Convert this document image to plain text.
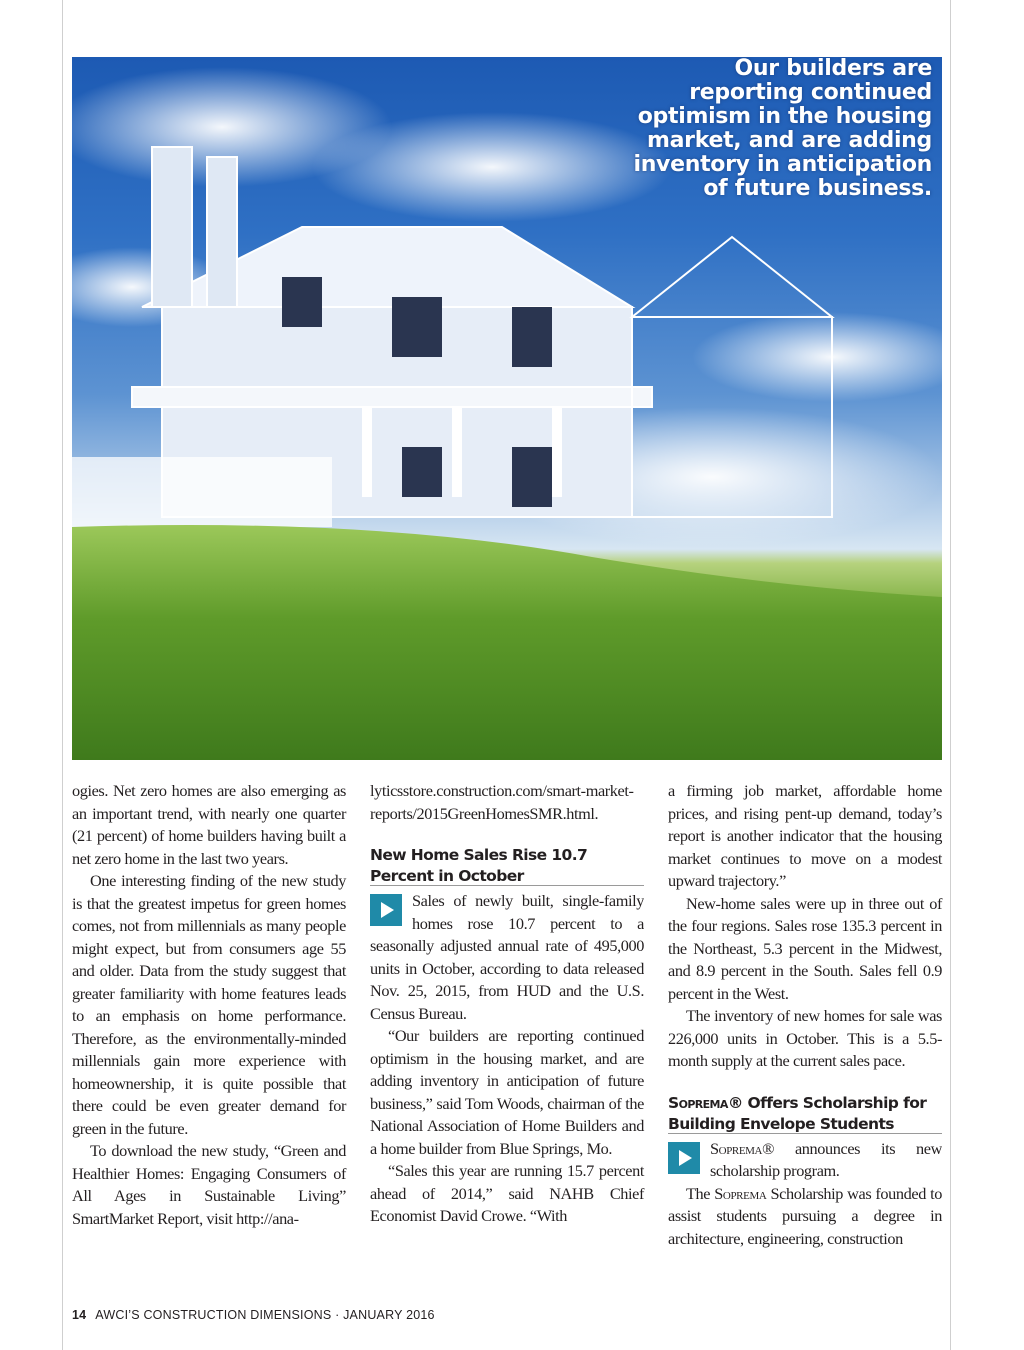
Our builders are reporting continued optimism in the housing market, and are adding inventory in anticipation of future business.

ogies. Net zero homes are also emerging as an important trend, with nearly one quarter (21 percent) of home builders having built a net zero home in the last two years.

One interesting finding of the new study is that the greatest impetus for green homes comes, not from millennials as many people might expect, but from consumers age 55 and older. Data from the study suggest that greater familiarity with home features leads to an emphasis on home performance. Therefore, as the environmentally-minded millennials gain more experience with homeownership, it is quite possible that there could be even greater demand for green in the future.

To download the new study, “Green and Healthier Homes: Engaging Consumers of All Ages in Sustainable Living” SmartMarket Report, visit http://ana-

lyticsstore.construction.com/smart-market-reports/2015GreenHomesSMR.html.

New Home Sales Rise 10.7 Percent in October

Sales of newly built, single-family homes rose 10.7 percent to a seasonally adjusted annual rate of 495,000 units in October, according to data released Nov. 25, 2015, from HUD and the U.S. Census Bureau.

“Our builders are reporting continued optimism in the housing market, and are adding inventory in anticipation of future business,” said Tom Woods, chairman of the National Association of Home Builders and a home builder from Blue Springs, Mo.

“Sales this year are running 15.7 percent ahead of 2014,” said NAHB Chief Economist David Crowe. “With

a firming job market, affordable home prices, and rising pent-up demand, today’s report is another indicator that the housing market continues to move on a modest upward trajectory.”

New-home sales were up in three out of the four regions. Sales rose 135.3 percent in the Northeast, 5.3 percent in the Midwest, and 8.9 percent in the South. Sales fell 0.9 percent in the West.

The inventory of new homes for sale was 226,000 units in October. This is a 5.5-month supply at the current sales pace.

Soprema® Offers Scholarship for Building Envelope Students

Soprema® announces its new scholarship program.

The Soprema Scholarship was founded to assist students pursuing a degree in architecture, engineering, construction

14 AWCI’S CONSTRUCTION DIMENSIONS · JANUARY 2016
